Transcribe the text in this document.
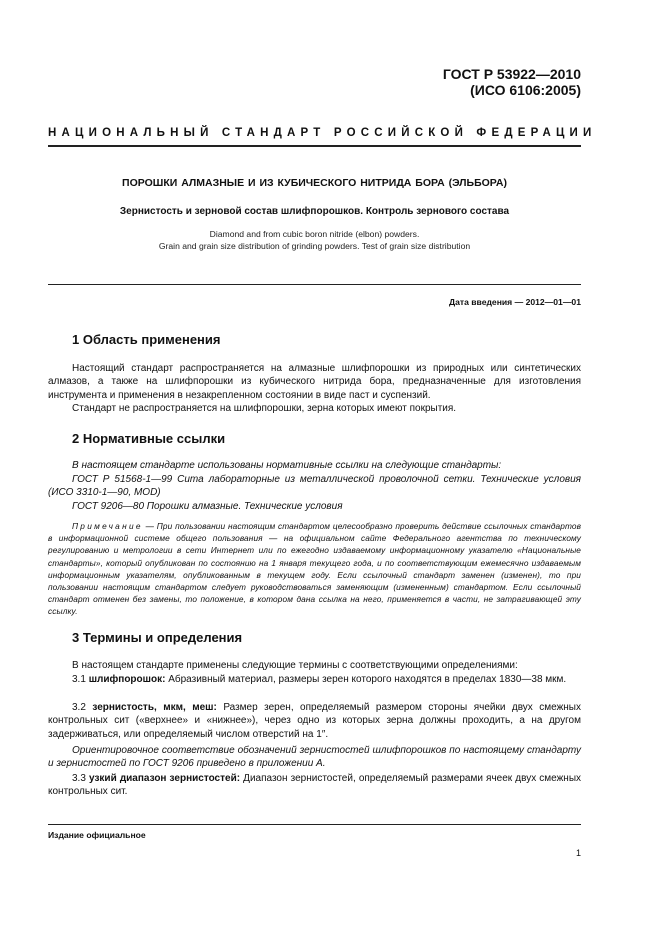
ГОСТ Р 53922—2010
(ИСО 6106:2005)
НАЦИОНАЛЬНЫЙ СТАНДАРТ РОССИЙСКОЙ ФЕДЕРАЦИИ
ПОРОШКИ АЛМАЗНЫЕ И ИЗ КУБИЧЕСКОГО НИТРИДА БОРА (ЭЛЬБОРА)
Зернистость и зерновой состав шлифпорошков. Контроль зернового состава
Diamond and from cubic boron nitride (elbon) powders.
Grain and grain size distribution of grinding powders. Test of grain size distribution
Дата введения — 2012—01—01
1 Область применения
Настоящий стандарт распространяется на алмазные шлифпорошки из природных или синтетических алмазов, а также на шлифпорошки из кубического нитрида бора, предназначенные для изготовления инструмента и применения в незакрепленном состоянии в виде паст и суспензий.
Стандарт не распространяется на шлифпорошки, зерна которых имеют покрытия.
2 Нормативные ссылки
В настоящем стандарте использованы нормативные ссылки на следующие стандарты:
ГОСТ Р 51568-1—99 Сита лабораторные из металлической проволочной сетки. Технические условия (ИСО 3310-1—90, MOD)
ГОСТ 9206—80 Порошки алмазные. Технические условия
Примечание — При пользовании настоящим стандартом целесообразно проверить действие ссылочных стандартов в информационной системе общего пользования — на официальном сайте Федерального агентства по техническому регулированию и метрологии в сети Интернет или по ежегодно издаваемому информационному указателю «Национальные стандарты», который опубликован по состоянию на 1 января текущего года, и по соответствующим ежемесячно издаваемым информационным указателям, опубликованным в текущем году. Если ссылочный стандарт заменен (изменен), то при пользовании настоящим стандартом следует руководствоваться заменяющим (измененным) стандартом. Если ссылочный стандарт отменен без замены, то положение, в котором дана ссылка на него, применяется в части, не затрагивающей эту ссылку.
3 Термины и определения
В настоящем стандарте применены следующие термины с соответствующими определениями:
3.1 шлифпорошок: Абразивный материал, размеры зерен которого находятся в пределах 1830—38 мкм.
3.2 зернистость, мкм, меш: Размер зерен, определяемый размером стороны ячейки двух смежных контрольных сит («верхнее» и «нижнее»), через одно из которых зерна должны проходить, а на другом задерживаться, или определяемый числом отверстий на 1″.
Ориентировочное соответствие обозначений зернистостей шлифпорошков по настоящему стандарту и зернистостей по ГОСТ 9206 приведено в приложении А.
3.3 узкий диапазон зернистостей: Диапазон зернистостей, определяемый размерами ячеек двух смежных контрольных сит.
Издание официальное
1
